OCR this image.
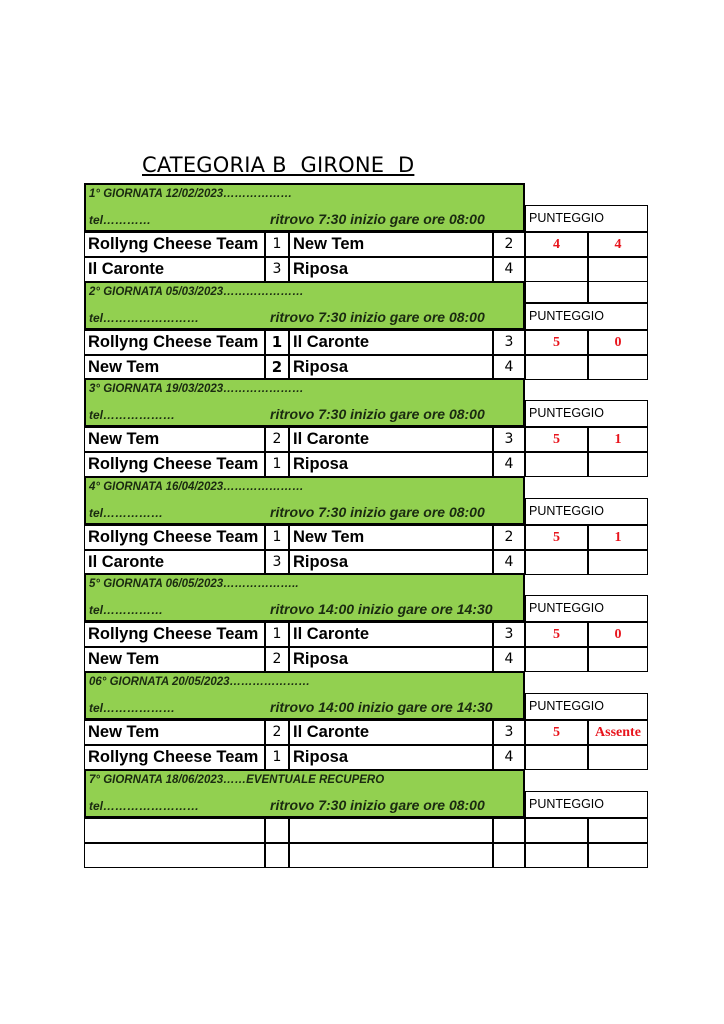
CATEGORIA B  GIRONE  D
1° GIORNATA 12/02/2023………………
tel…………	ritrovo 7:30 inizio gare ore 08:00	PUNTEGGIO
Rollyng Cheese Team	1 New Tem	2	4	4
Il Caronte	3 Riposa	4
2° GIORNATA 05/03/2023…………………
tel……………………	ritrovo 7:30 inizio gare ore 08:00	PUNTEGGIO
Rollyng Cheese Team 1 Il Caronte	3	5	0
New Tem	2 Riposa	4
3° GIORNATA 19/03/2023…………………
tel………………	ritrovo 7:30 inizio gare ore 08:00	PUNTEGGIO
New Tem	2 Il Caronte	3	5	1
Rollyng Cheese Team	1 Riposa	4
4° GIORNATA 16/04/2023…………………
tel……………	ritrovo 7:30 inizio gare ore 08:00	PUNTEGGIO
Rollyng Cheese Team	1 New Tem	2	5	1
Il Caronte	3 Riposa	4
5° GIORNATA 06/05/2023………………..
tel……………	ritrovo 14:00 inizio gare ore 14:30	PUNTEGGIO
Rollyng Cheese Team	1 Il Caronte	3	5	0
New Tem	2 Riposa	4
06° GIORNATA 20/05/2023…………………
tel………………	ritrovo 14:00 inizio gare ore 14:30	PUNTEGGIO
New Tem	2 Il Caronte	3	5	Assente
Rollyng Cheese Team	1 Riposa	4
7° GIORNATA 18/06/2023……EVENTUALE RECUPERO
tel……………………	ritrovo 7:30 inizio gare ore 08:00	PUNTEGGIO
